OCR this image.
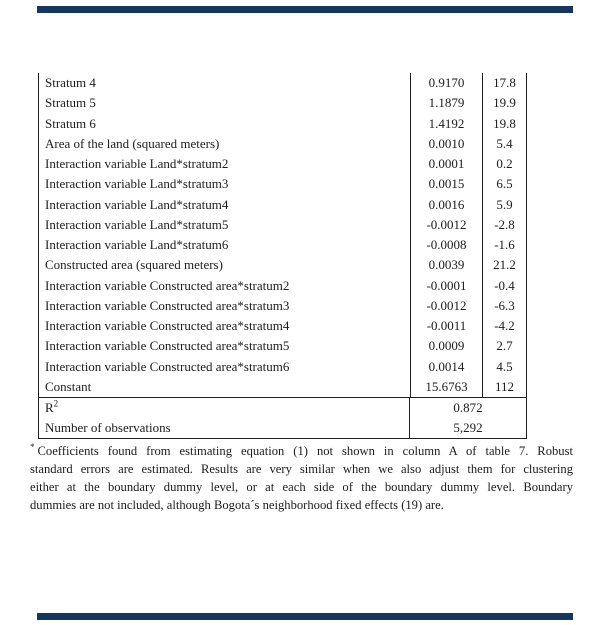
Stratum 4	0.9170	17.8
Stratum 5	1.1879	19.9
Stratum 6	1.4192	19.8
Area of the land (squared meters)	0.0010	5.4
Interaction variable Land*stratum2	0.0001	0.2
Interaction variable Land*stratum3	0.0015	6.5
Interaction variable Land*stratum4	0.0016	5.9
Interaction variable Land*stratum5	-0.0012	-2.8
Interaction variable Land*stratum6	-0.0008	-1.6
Constructed area (squared meters)	0.0039	21.2
Interaction variable Constructed area*stratum2	-0.0001	-0.4
Interaction variable Constructed area*stratum3	-0.0012	-6.3
Interaction variable Constructed area*stratum4	-0.0011	-4.2
Interaction variable Constructed area*stratum5	0.0009	2.7
Interaction variable Constructed area*stratum6	0.0014	4.5
Constant	15.6763	112
$R^2$	0.872
Number of observations	5,292
* Coefficients found from estimating equation (1) not shown in column A of table 7. Robust
standard errors are estimated. Results are very similar when we also adjust them for clustering
either at the boundary dummy level, or at each side of the boundary dummy level. Boundary
dummies are not included, although Bogota´s neighborhood fixed effects (19) are.
